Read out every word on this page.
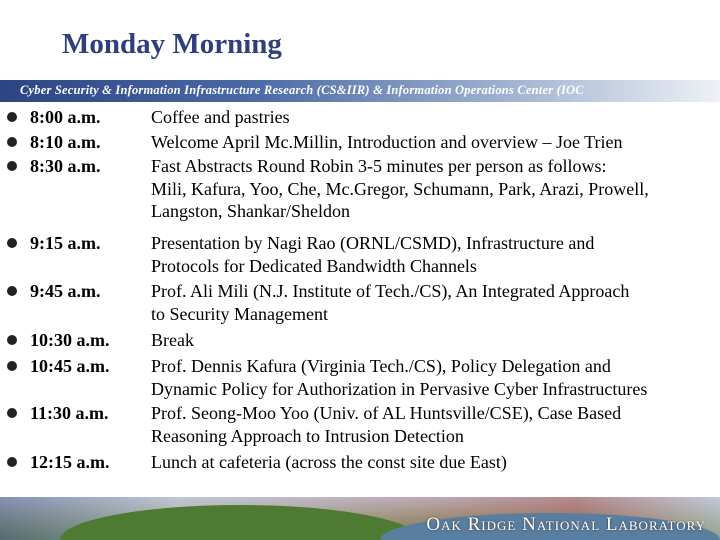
Monday Morning
Cyber Security & Information Infrastructure Research (CS&IIR) & Information Operations Center (IOC
8:00 a.m.	Coffee and pastries
8:10 a.m.	Welcome April Mc.Millin, Introduction and overview – Joe Trien
8:30 a.m.	Fast Abstracts Round Robin 3-5 minutes per person as follows:
Mili, Kafura, Yoo, Che, Mc.Gregor, Schumann, Park, Arazi, Prowell,
Langston, Shankar/Sheldon
9:15 a.m.	Presentation by Nagi Rao (ORNL/CSMD), Infrastructure and
Protocols for Dedicated Bandwidth Channels
9:45 a.m.	Prof. Ali Mili (N.J. Institute of Tech./CS), An Integrated Approach
to Security Management
10:30 a.m. Break
10:45 a.m. Prof. Dennis Kafura (Virginia Tech./CS), Policy Delegation and
Dynamic Policy for Authorization in Pervasive Cyber Infrastructures
11:30 a.m. Prof. Seong-Moo Yoo (Univ. of AL Huntsville/CSE), Case Based
Reasoning Approach to Intrusion Detection
12:15 a.m. Lunch at cafeteria (across the const site due East)
Oak Ridge National Laboratory
